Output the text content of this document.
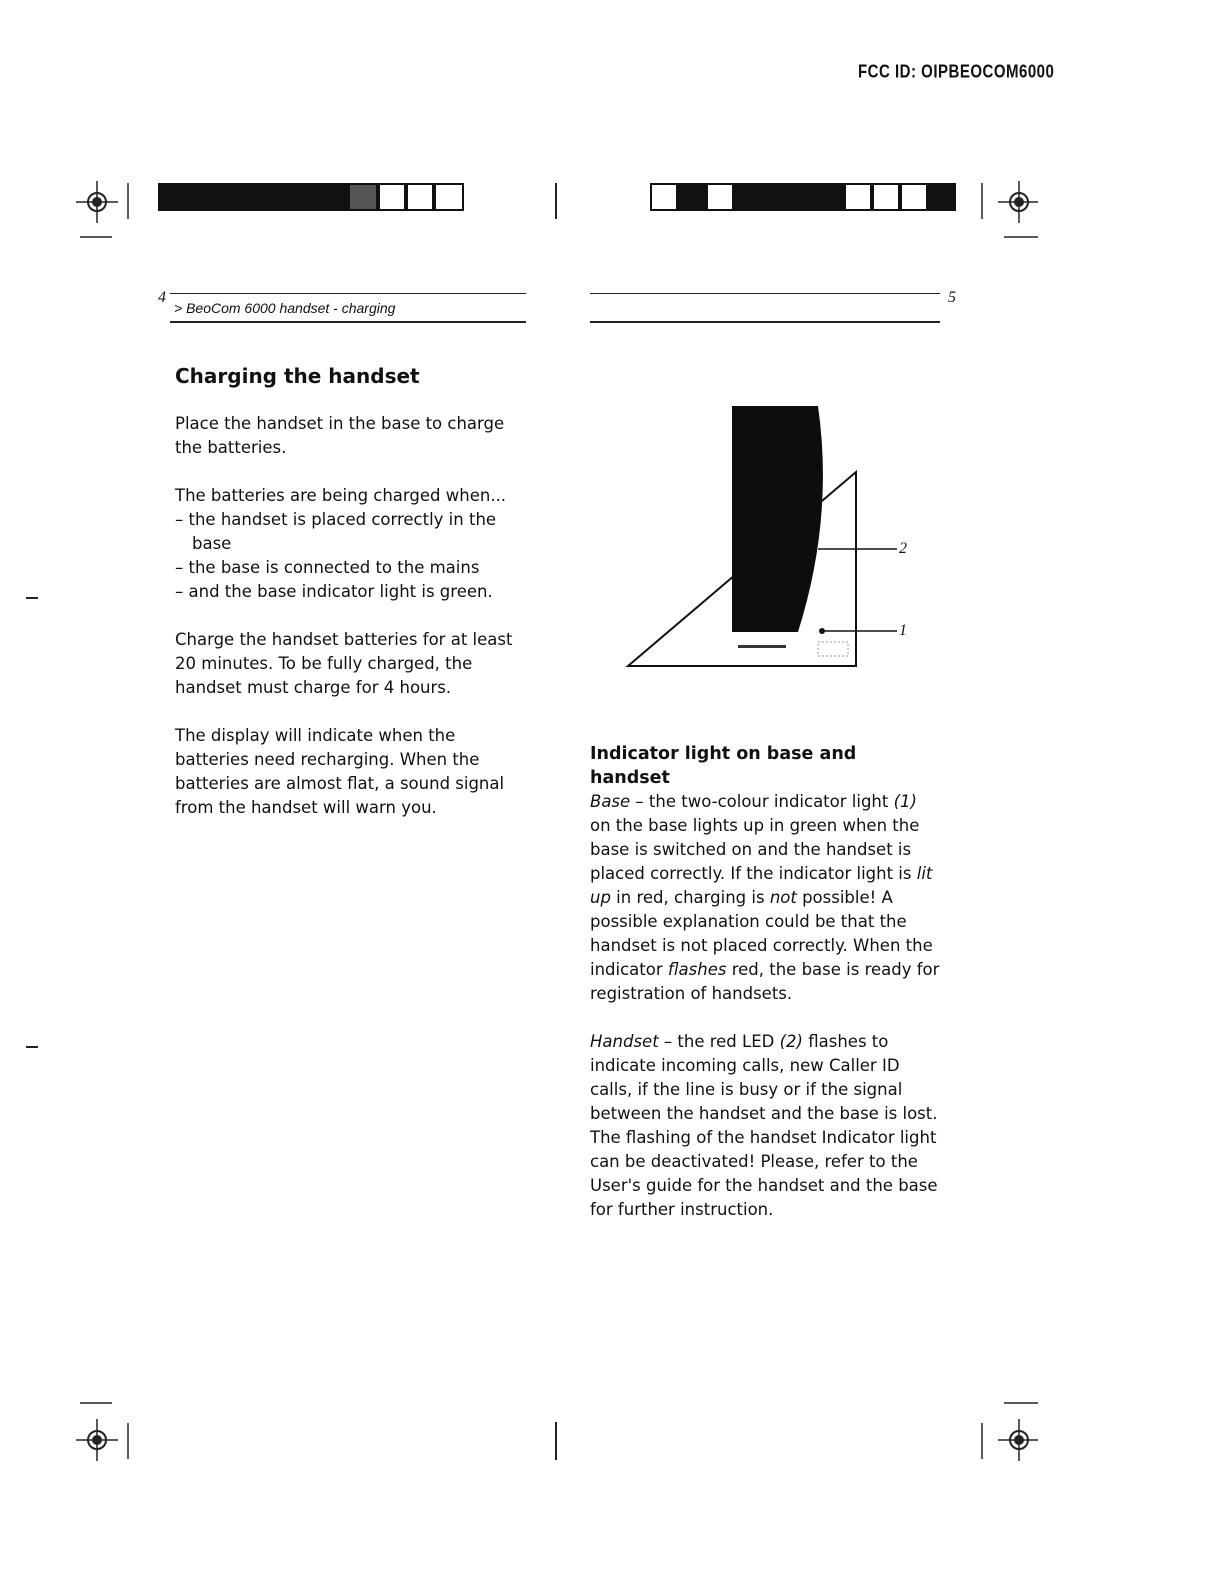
FCC ID: OIPBEOCOM6000
4
> BeoCom 6000 handset - charging
Charging the handset

Place the handset in the base to charge the batteries.

The batteries are being charged when...

– the handset is placed correctly in the base
– the base is connected to the mains
– and the base indicator light is green.

Charge the handset batteries for at least 20 minutes. To be fully charged, the handset must charge for 4 hours.

The display will indicate when the batteries need recharging. When the batteries are almost flat, a sound signal from the handset will warn you.

5
2
1
Indicator light on base and handset

Base – the two-colour indicator light (1) on the base lights up in green when the base is switched on and the handset is placed correctly. If the indicator light is lit up in red, charging is not possible! A possible explanation could be that the handset is not placed correctly. When the indicator flashes red, the base is ready for registration of handsets.

Handset – the red LED (2) flashes to indicate incoming calls, new Caller ID calls, if the line is busy or if the signal between the handset and the base is lost. The flashing of the handset Indicator light can be deactivated! Please, refer to the User's guide for the handset and the base for further instruction.
